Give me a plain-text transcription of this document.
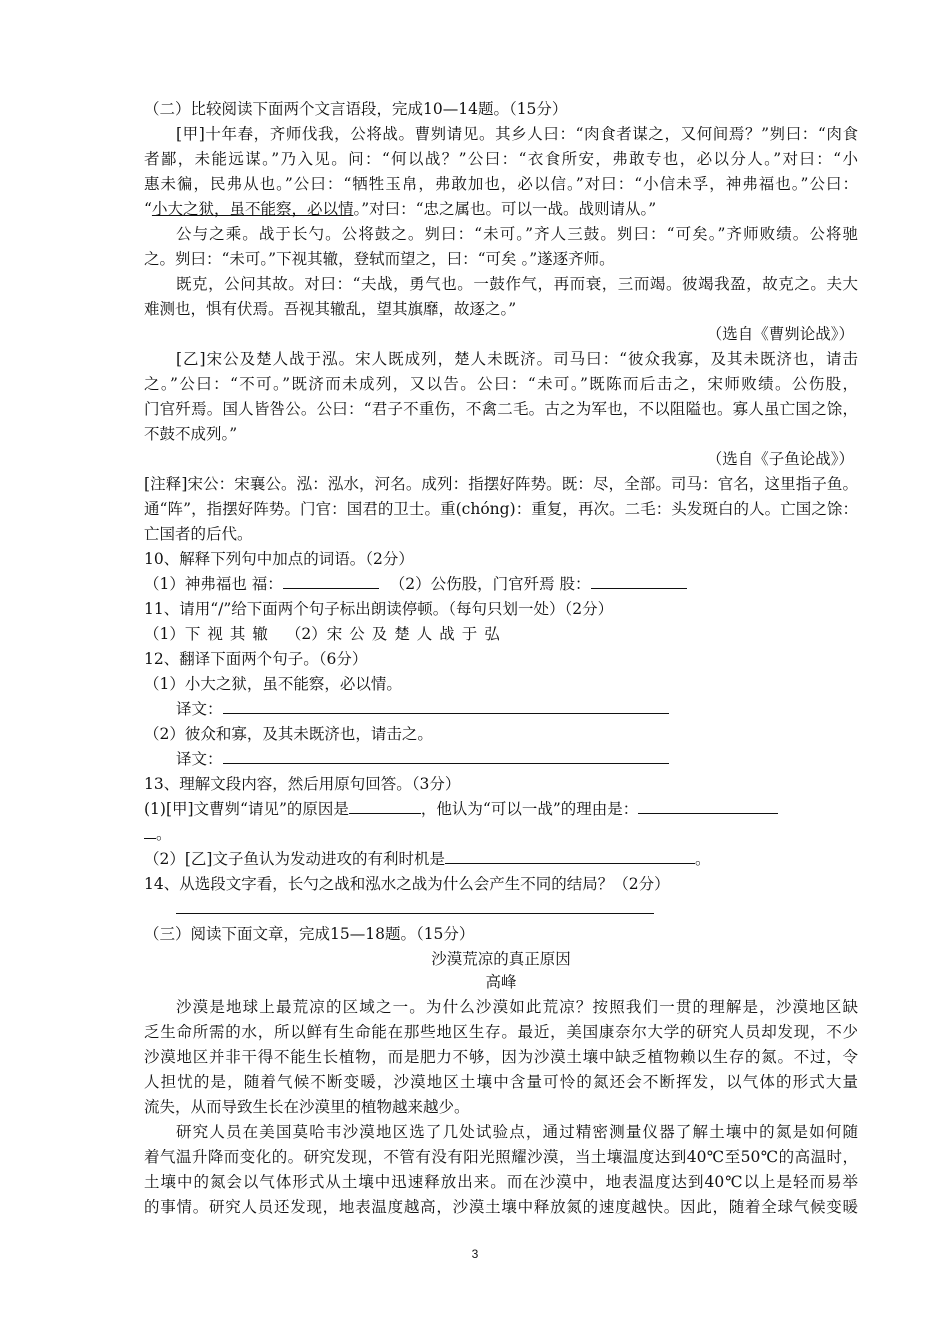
（二）比较阅读下面两个文言语段，完成10—14题。（15分）
[甲]十年春，齐师伐我，公将战。曹刿请见。其乡人曰：“肉食者谋之，又何间焉？”刿曰：“肉食
者鄙，未能远谋。”乃入见。问：“何以战？”公曰：“衣食所安，弗敢专也，必以分人。”对曰：“小
惠未徧，民弗从也。”公曰：“牺牲玉帛，弗敢加也，必以信。”对曰：“小信未孚，神弗福也。”公曰：
“小大之狱，虽不能察，必以情。”对曰：“忠之属也。可以一战。战则请从。”
公与之乘。战于长勺。公将鼓之。刿曰：“未可。”齐人三鼓。刿曰：“可矣。”齐师败绩。公将驰
之。刿曰：“未可。”下视其辙，登轼而望之，曰：“可矣 。”遂逐齐师。
既克，公问其故。对曰：“夫战，勇气也。一鼓作气，再而衰，三而竭。彼竭我盈，故克之。夫大
难测也，惧有伏焉。吾视其辙乱，望其旗靡，故逐之。”
（选自《曹刿论战》）
[乙]宋公及楚人战于泓。宋人既成列，楚人未既济。司马曰：“彼众我寡，及其未既济也，请击
之。”公曰：“不可。”既济而未成列，又以告。公曰：“未可。”既陈而后击之，宋师败绩。公伤股，
门官歼焉。国人皆咎公。公曰：“君子不重伤，不禽二毛。古之为军也，不以阻隘也。寡人虽亡国之馀，
不鼓不成列。”
（选自《子鱼论战》）
[注释]宋公：宋襄公。泓：泓水，河名。成列：指摆好阵势。既：尽，全部。司马：官名，这里指子鱼。
通“阵”，指摆好阵势。门官：国君的卫士。重(chóng)：重复，再次。二毛：头发斑白的人。亡国之馀：
亡国者的后代。
10、解释下列句中加点的词语。（2分）
（1）神弗福也 福：	（2）公伤股，门官歼焉 股：
11、请用“/”给下面两个句子标出朗读停顿。（每句只划一处）（2分）
（1）下视其辙 （2）宋公及楚人战于弘
12、翻译下面两个句子。（6分）
（1）小大之狱，虽不能察，必以情。
译文：
（2）彼众和寡，及其未既济也，请击之。
译文：
13、理解文段内容，然后用原句回答。（3分）
(1)[甲]文曹刿“请见”的原因是	，他认为“可以一战”的理由是：
。
（2）[乙]文子鱼认为发动进攻的有利时机是	。
14、从选段文字看，长勺之战和泓水之战为什么会产生不同的结局？（2分）
（三）阅读下面文章，完成15—18题。（15分）
沙漠荒凉的真正原因
高峰
沙漠是地球上最荒凉的区域之一。为什么沙漠如此荒凉？按照我们一贯的理解是，沙漠地区缺
乏生命所需的水，所以鲜有生命能在那些地区生存。最近，美国康奈尔大学的研究人员却发现，不少
沙漠地区并非干得不能生长植物，而是肥力不够，因为沙漠土壤中缺乏植物赖以生存的氮。不过，令
人担忧的是，随着气候不断变暖，沙漠地区土壤中含量可怜的氮还会不断挥发，以气体的形式大量
流失，从而导致生长在沙漠里的植物越来越少。
研究人员在美国莫哈韦沙漠地区选了几处试验点，通过精密测量仪器了解土壤中的氮是如何随
着气温升降而变化的。研究发现，不管有没有阳光照耀沙漠，当土壤温度达到40℃至50℃的高温时，
土壤中的氮会以气体形式从土壤中迅速释放出来。而在沙漠中，地表温度达到40℃以上是轻而易举
的事情。研究人员还发现，地表温度越高，沙漠土壤中释放氮的速度越快。因此，随着全球气候变暖
3
